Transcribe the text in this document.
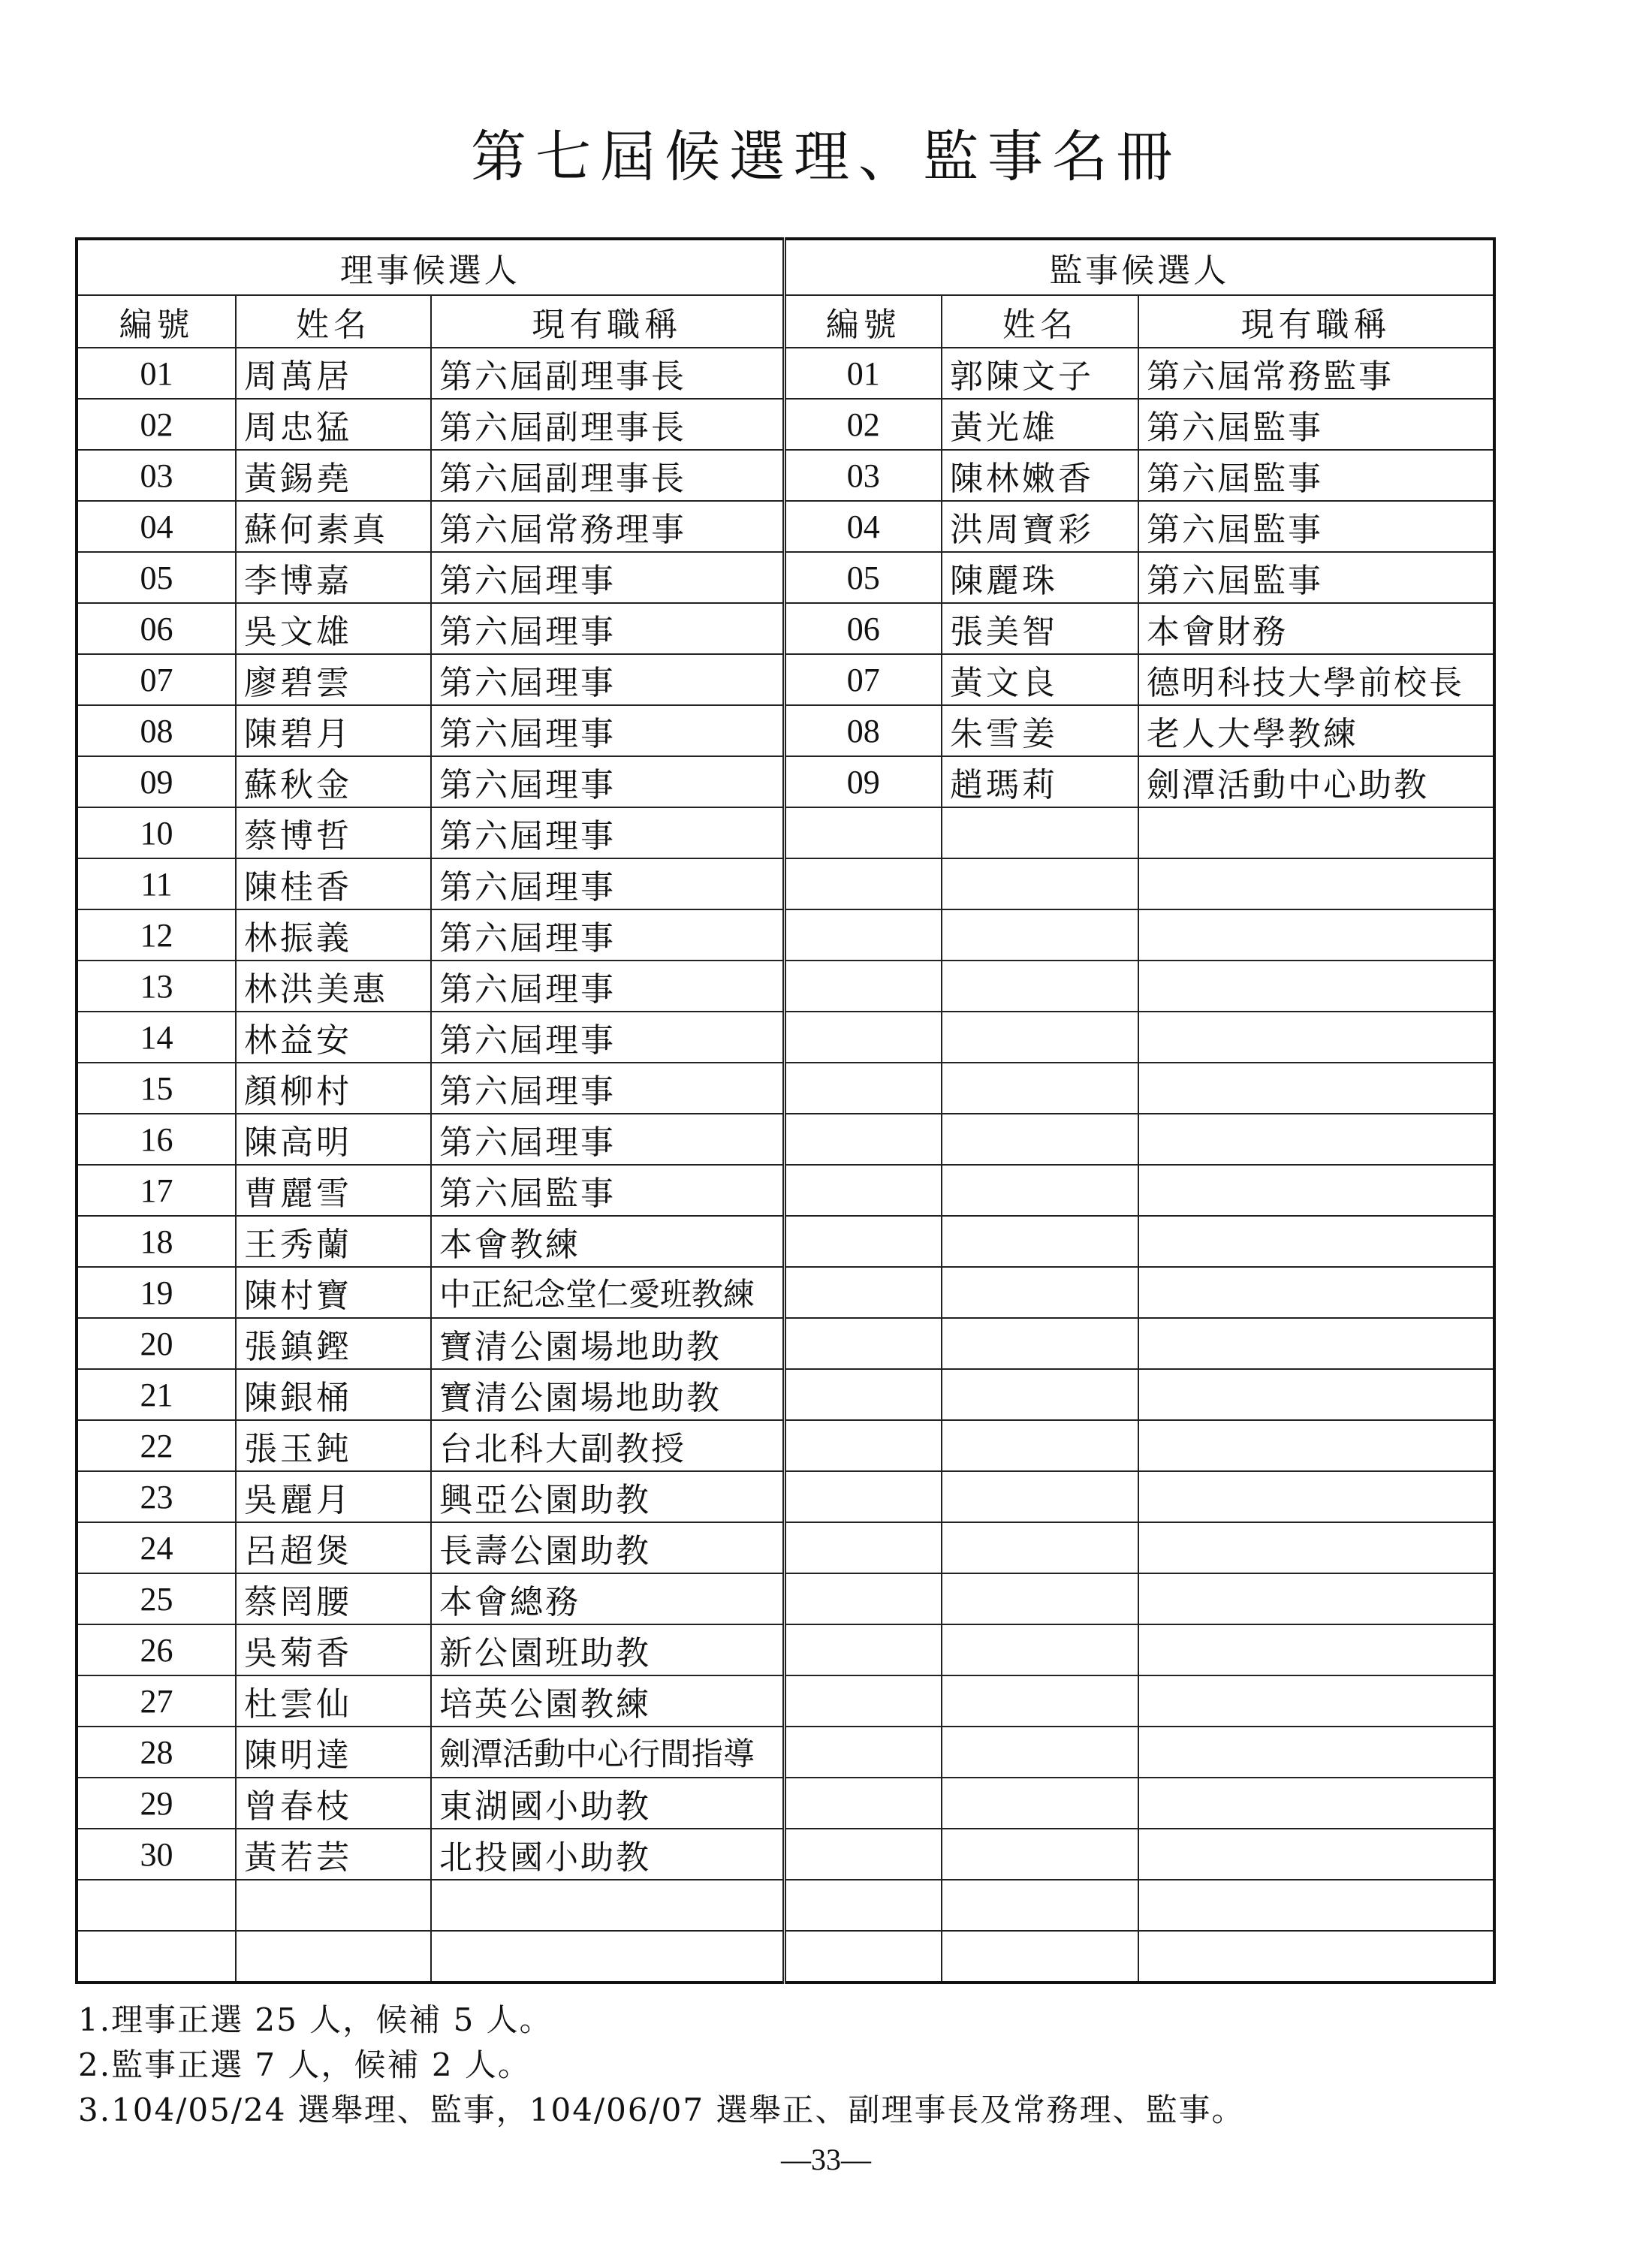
第七屆候選理、監事名冊
理事候選人			監事候選人		
編號	姓名	現有職稱	編號	姓名	現有職稱
01	周萬居	第六屆副理事長	01	郭陳文子	第六屆常務監事
02	周忠猛	第六屆副理事長	02	黃光雄	第六屆監事
03	黃錫堯	第六屆副理事長	03	陳林嫩香	第六屆監事
04	蘇何素真	第六屆常務理事	04	洪周寶彩	第六屆監事
05	李博嘉	第六屆理事	05	陳麗珠	第六屆監事
06	吳文雄	第六屆理事	06	張美智	本會財務
07	廖碧雲	第六屆理事	07	黃文良	德明科技大學前校長
08	陳碧月	第六屆理事	08	朱雪姜	老人大學教練
09	蘇秋金	第六屆理事	09	趙瑪莉	劍潭活動中心助教
10	蔡博哲	第六屆理事			
11	陳桂香	第六屆理事			
12	林振義	第六屆理事			
13	林洪美惠	第六屆理事			
14	林益安	第六屆理事			
15	顏柳村	第六屆理事			
16	陳高明	第六屆理事			
17	曹麗雪	第六屆監事			
18	王秀蘭	本會教練			
19	陳村寶	中正紀念堂仁愛班教練			
20	張鎮鏗	寶清公園場地助教			
21	陳銀桶	寶清公園場地助教			
22	張玉鈍	台北科大副教授			
23	吳麗月	興亞公園助教			
24	呂超煲	長壽公園助教			
25	蔡罔腰	本會總務			
26	吳菊香	新公園班助教			
27	杜雲仙	培英公園教練			
28	陳明達	劍潭活動中心行間指導			
29	曾春枝	東湖國小助教			
30	黃若芸	北投國小助教			

1.理事正選 25 人，候補 5 人。
2.監事正選 7 人，候補 2 人。
3.104/05/24 選舉理、監事，104/06/07 選舉正、副理事長及常務理、監事。
—33—
